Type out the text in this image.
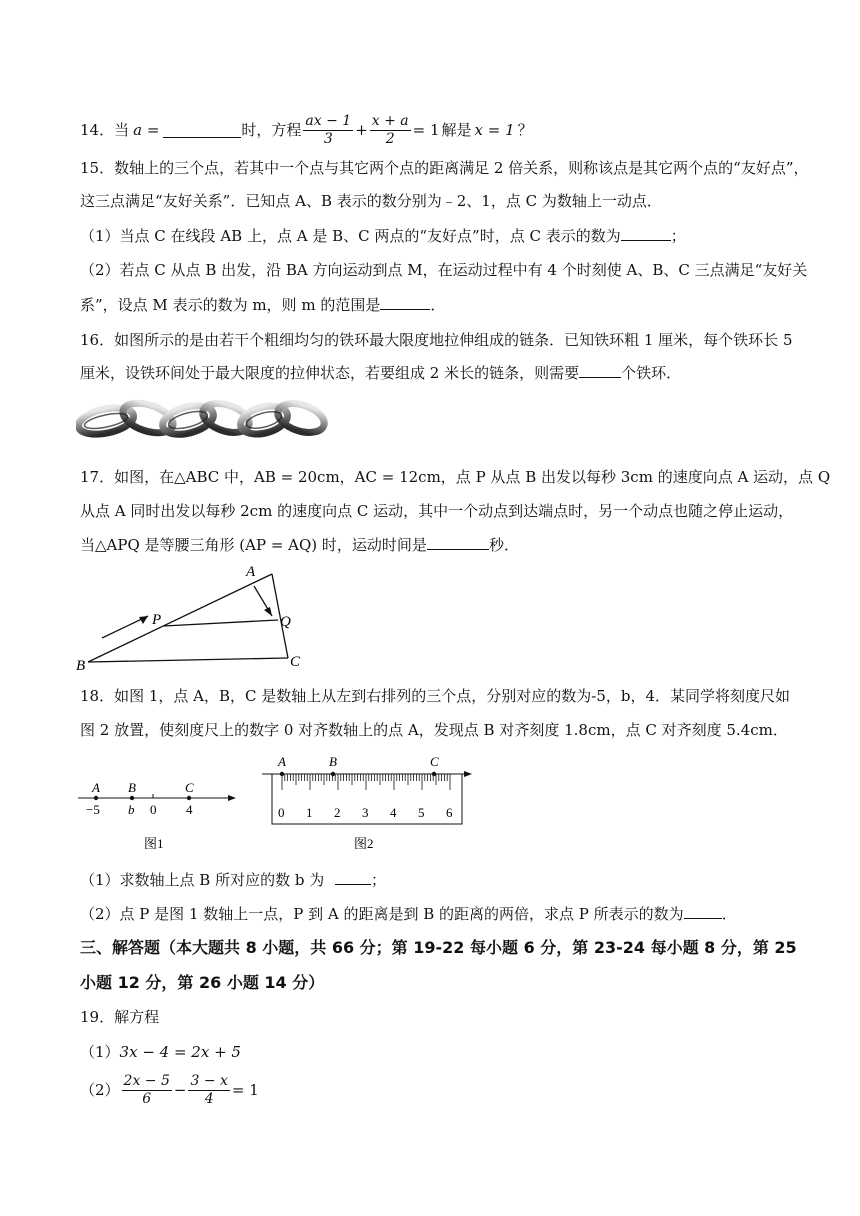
14． 当 a =	时，方程 $\frac{ax - 1}{3} + \frac{x + a}{2} = 1$ 解是 x = 1 ？
15．数轴上的三个点，若其中一个点与其它两个点的距离满足 2 倍关系，则称该点是其它两个点的“友好点”，
这三点满足“友好关系”．已知点 A、B 表示的数分别为﹣2、1，点 C 为数轴上一动点．
（1）当点 C 在线段 AB 上，点 A 是 B、C 两点的“友好点”时，点 C 表示的数为	；
（2）若点 C 从点 B 出发，沿 BA 方向运动到点 M，在运动过程中有 4 个时刻使 A、B、C 三点满足“友好关
系”，设点 M 表示的数为 m，则 m 的范围是	．
16．如图所示的是由若干个粗细均匀的铁环最大限度地拉伸组成的链条．已知铁环粗 1 厘米，每个铁环长 5
厘米，设铁环间处于最大限度的拉伸状态，若要组成 2 米长的链条，则需要	个铁环．
17．如图，在△ABC 中，AB = 20cm，AC = 12cm，点 P 从点 B 出发以每秒 3cm 的速度向点 A 运动，点 Q
从点 A 同时出发以每秒 2cm 的速度向点 C 运动，其中一个动点到达端点时，另一个动点也随之停止运动，
当△APQ 是等腰三角形 (AP = AQ) 时，运动时间是	秒．
A
B	C
P	Q
18．如图 1，点 A，B，C 是数轴上从左到右排列的三个点，分别对应的数为-5，b，4．某同学将刻度尺如
图 2 放置，使刻度尺上的数字 0 对齐数轴上的点 A，发现点 B 对齐刻度 1.8cm，点 C 对齐刻度 5.4cm．
A B	C
−5 b 0 4
图1
A	B	C
0 1 2 3 4 5 6
图2
（1）求数轴上点 B 所对应的数 b 为	；
（2）点 P 是图 1 数轴上一点，P 到 A 的距离是到 B 的距离的两倍，求点 P 所表示的数为	．
三、解答题（本大题共 8 小题，共 66 分；第 19-22 每小题 6 分，第 23-24 每小题 8 分，第 25
小题 12 分，第 26 小题 14 分）
19．解方程
（1）3x − 4 = 2x + 5
$(2) \frac{2x - 5}{6} - \frac{3 - x}{4} = 1$
